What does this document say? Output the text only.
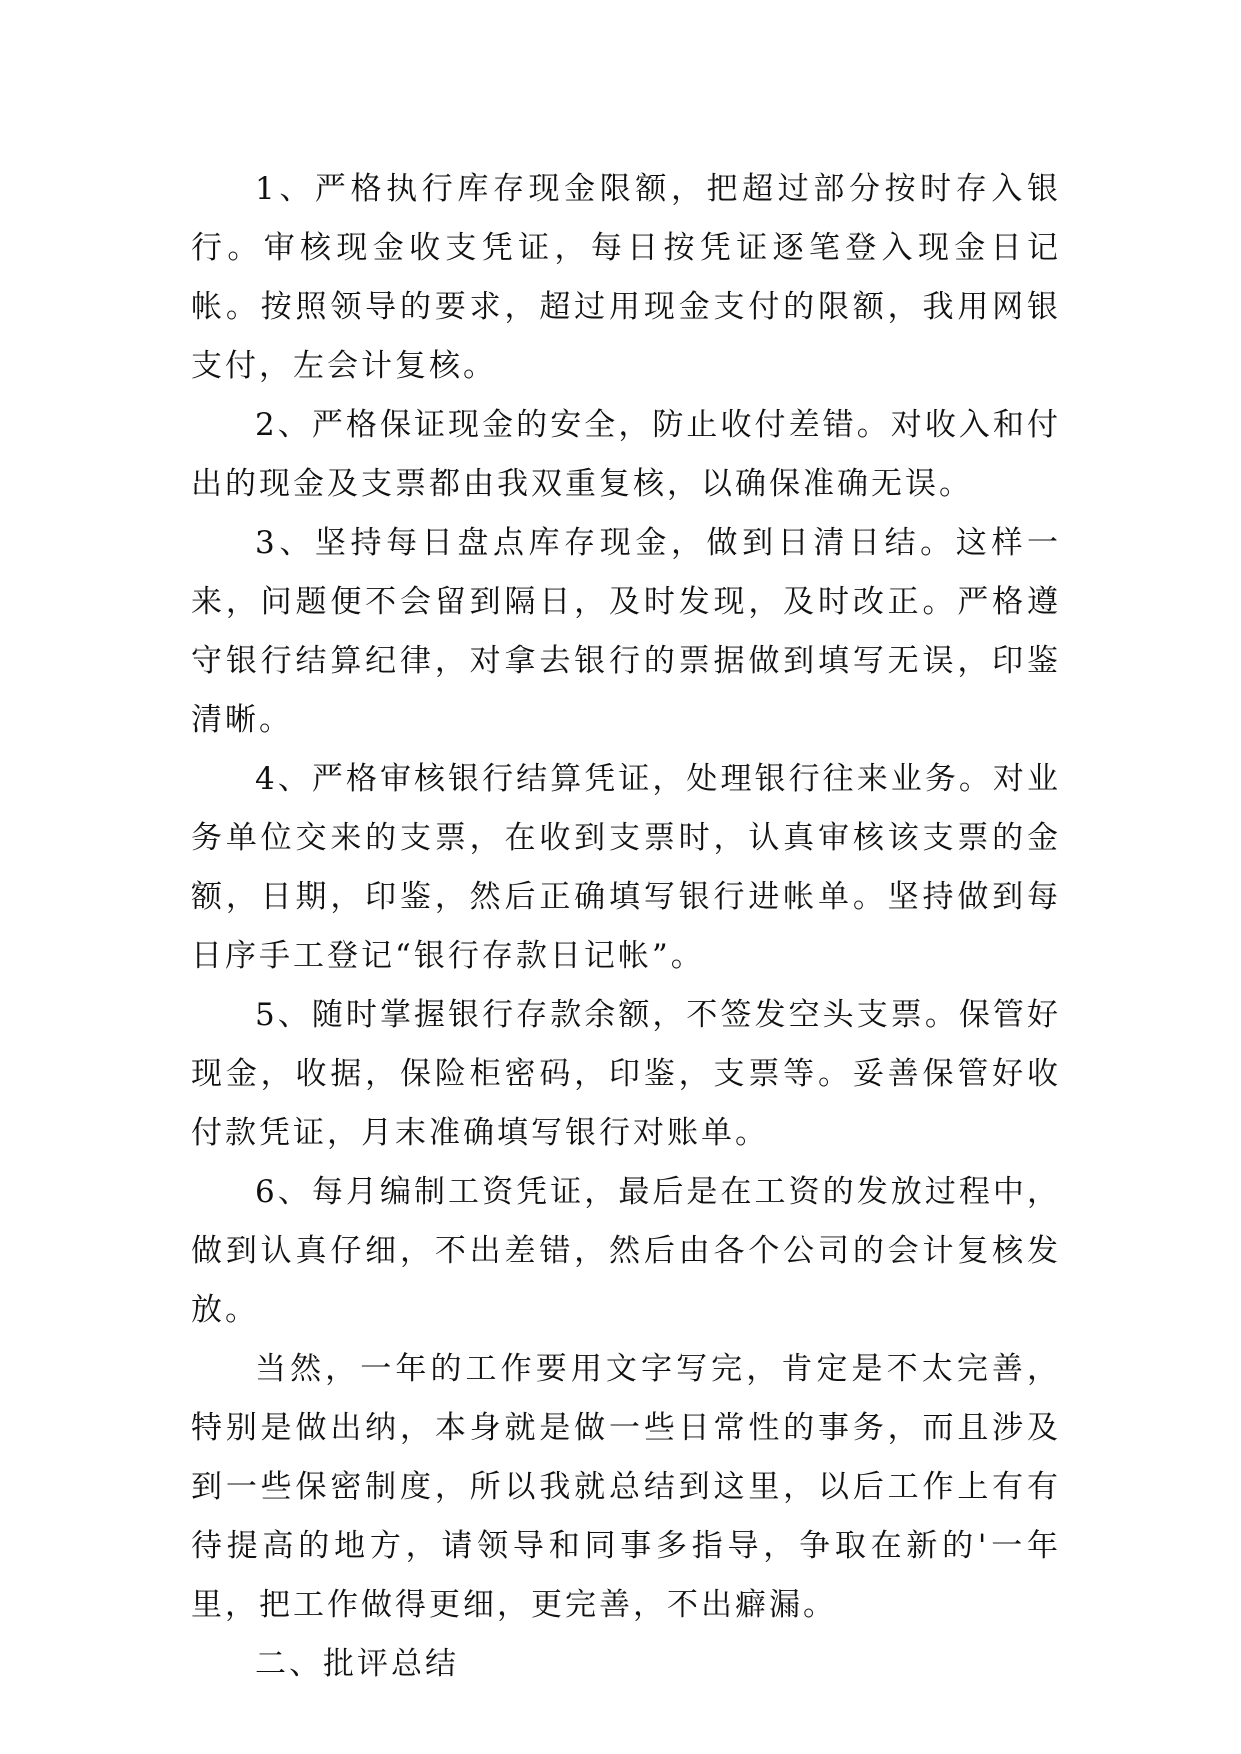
1、严格执行库存现金限额，把超过部分按时存入银行。审核现金收支凭证，每日按凭证逐笔登入现金日记帐。按照领导的要求，超过用现金支付的限额，我用网银支付，左会计复核。

2、严格保证现金的安全，防止收付差错。对收入和付出的现金及支票都由我双重复核，以确保准确无误。

3、坚持每日盘点库存现金，做到日清日结。这样一来，问题便不会留到隔日，及时发现，及时改正。严格遵守银行结算纪律，对拿去银行的票据做到填写无误，印鉴清晰。

4、严格审核银行结算凭证，处理银行往来业务。对业务单位交来的支票，在收到支票时，认真审核该支票的金额，日期，印鉴，然后正确填写银行进帐单。坚持做到每日序手工登记“银行存款日记帐”。

5、随时掌握银行存款余额，不签发空头支票。保管好现金，收据，保险柜密码，印鉴，支票等。妥善保管好收付款凭证，月末准确填写银行对账单。

6、每月编制工资凭证，最后是在工资的发放过程中，做到认真仔细，不出差错，然后由各个公司的会计复核发放。

当然，一年的工作要用文字写完，肯定是不太完善，特别是做出纳，本身就是做一些日常性的事务，而且涉及到一些保密制度，所以我就总结到这里，以后工作上有有待提高的地方，请领导和同事多指导，争取在新的'一年里，把工作做得更细，更完善，不出癖漏。

二、批评总结
